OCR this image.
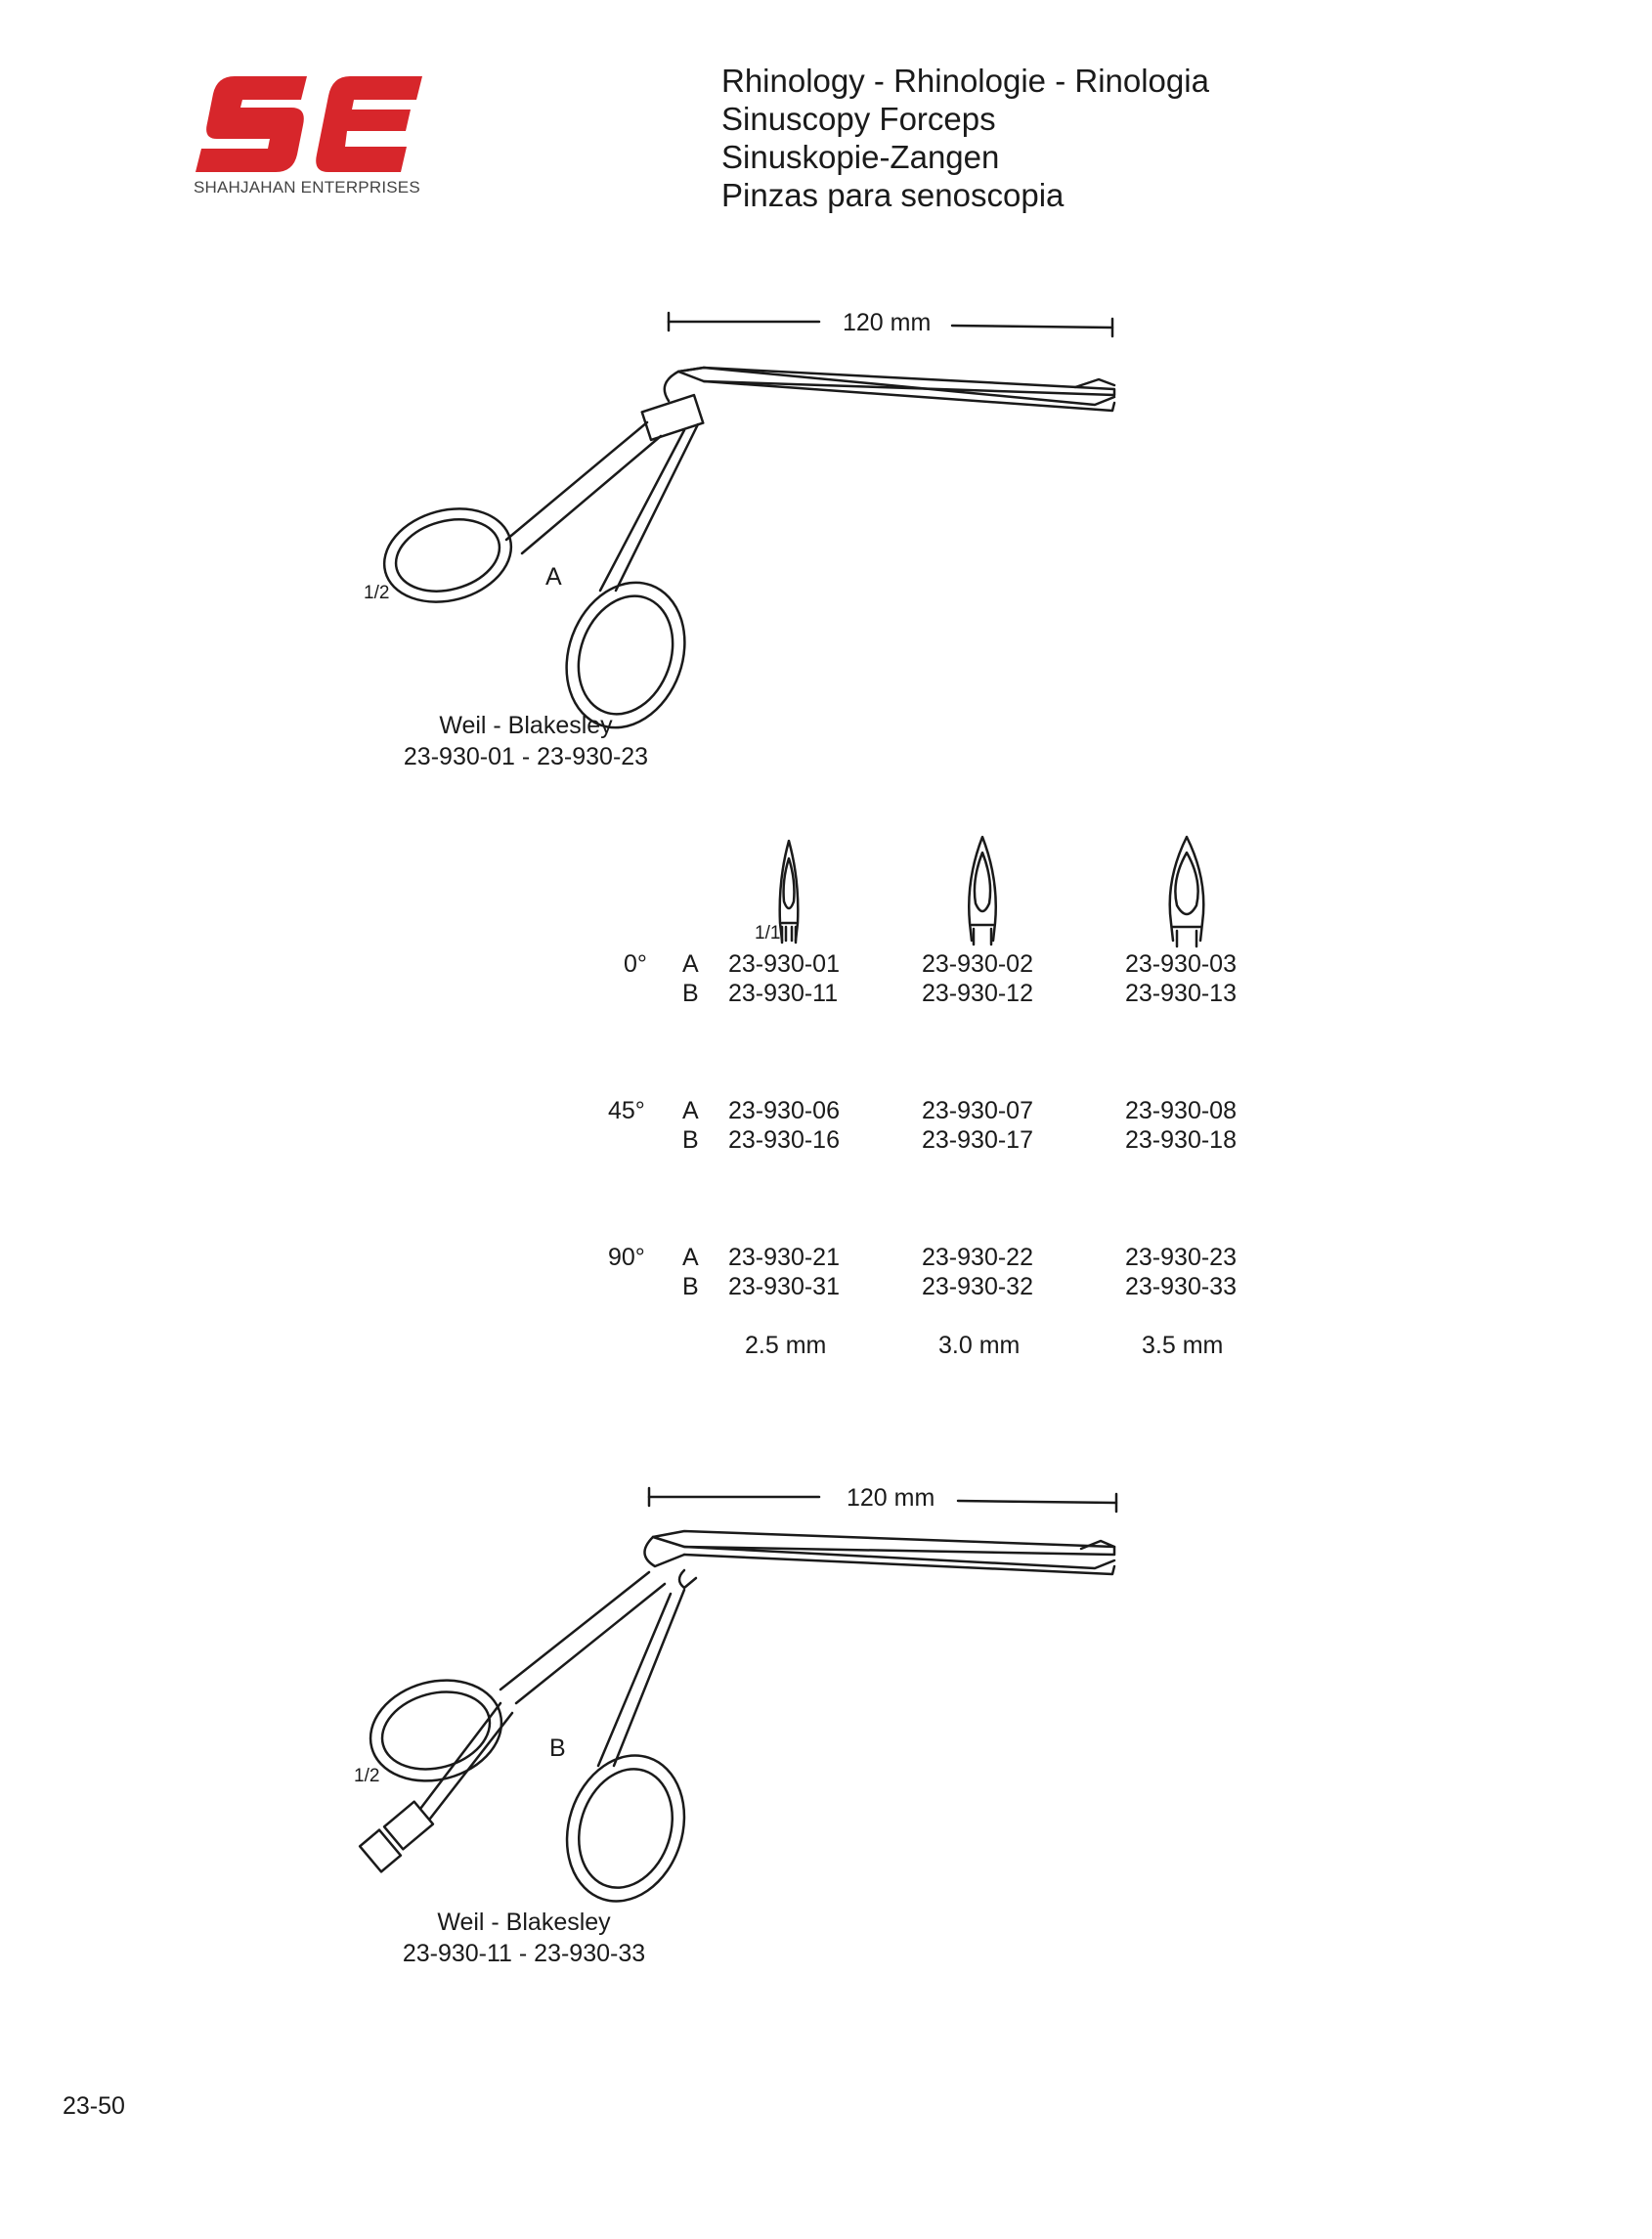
SHAHJAHAN ENTERPRISES
Rhinology - Rhinologie - Rinologia
Sinuscopy Forceps
Sinuskopie-Zangen
Pinzas para senoscopia
120 mm
1/2
A
Weil - Blakesley
23-930-01 - 23-930-23
1/1
0° A 23-930-01	23-930-02	23-930-03
B 23-930-11	23-930-12	23-930-13
45° A 23-930-06	23-930-07	23-930-08
B 23-930-16	23-930-17	23-930-18
90° A 23-930-21	23-930-22	23-930-23
B 23-930-31	23-930-32	23-930-33
2.5 mm	3.0 mm	3.5 mm
120 mm
1/2
B
Weil - Blakesley
23-930-11 - 23-930-33
23-50
